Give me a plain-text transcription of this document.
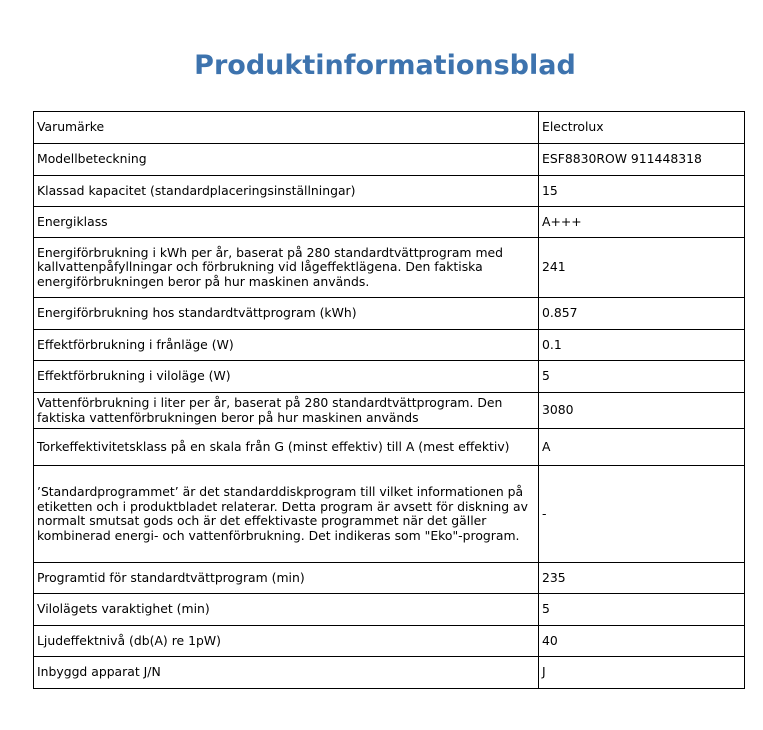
Produktinformationsblad
Varumärke	Electrolux
Modellbeteckning	ESF8830ROW 911448318
Klassad kapacitet (standardplaceringsinställningar)	15
Energiklass	A+++
Energiförbrukning i kWh per år, baserat på 280 standardtvättprogram med kallvattenpåfyllningar och förbrukning vid lågeffektlägena. Den faktiska energiförbrukningen beror på hur maskinen används.	241
Energiförbrukning hos standardtvättprogram (kWh)	0.857
Effektförbrukning i frånläge (W)	0.1
Effektförbrukning i viloläge (W)	5
Vattenförbrukning i liter per år, baserat på 280 standardtvättprogram. Den faktiska vattenförbrukningen beror på hur maskinen används	3080
Torkeffektivitetsklass på en skala från G (minst effektiv) till A (mest effektiv)	A
’Standardprogrammet’ är det standarddiskprogram till vilket informationen på etiketten och i produktbladet relaterar. Detta program är avsett för diskning av normalt smutsat gods och är det effektivaste programmet när det gäller kombinerad energi- och vattenförbrukning. Det indikeras som "Eko"-program.	-
Programtid för standardtvättprogram (min)	235
Vilolägets varaktighet (min)	5
Ljudeffektnivå (db(A) re 1pW)	40
Inbyggd apparat J/N	J
